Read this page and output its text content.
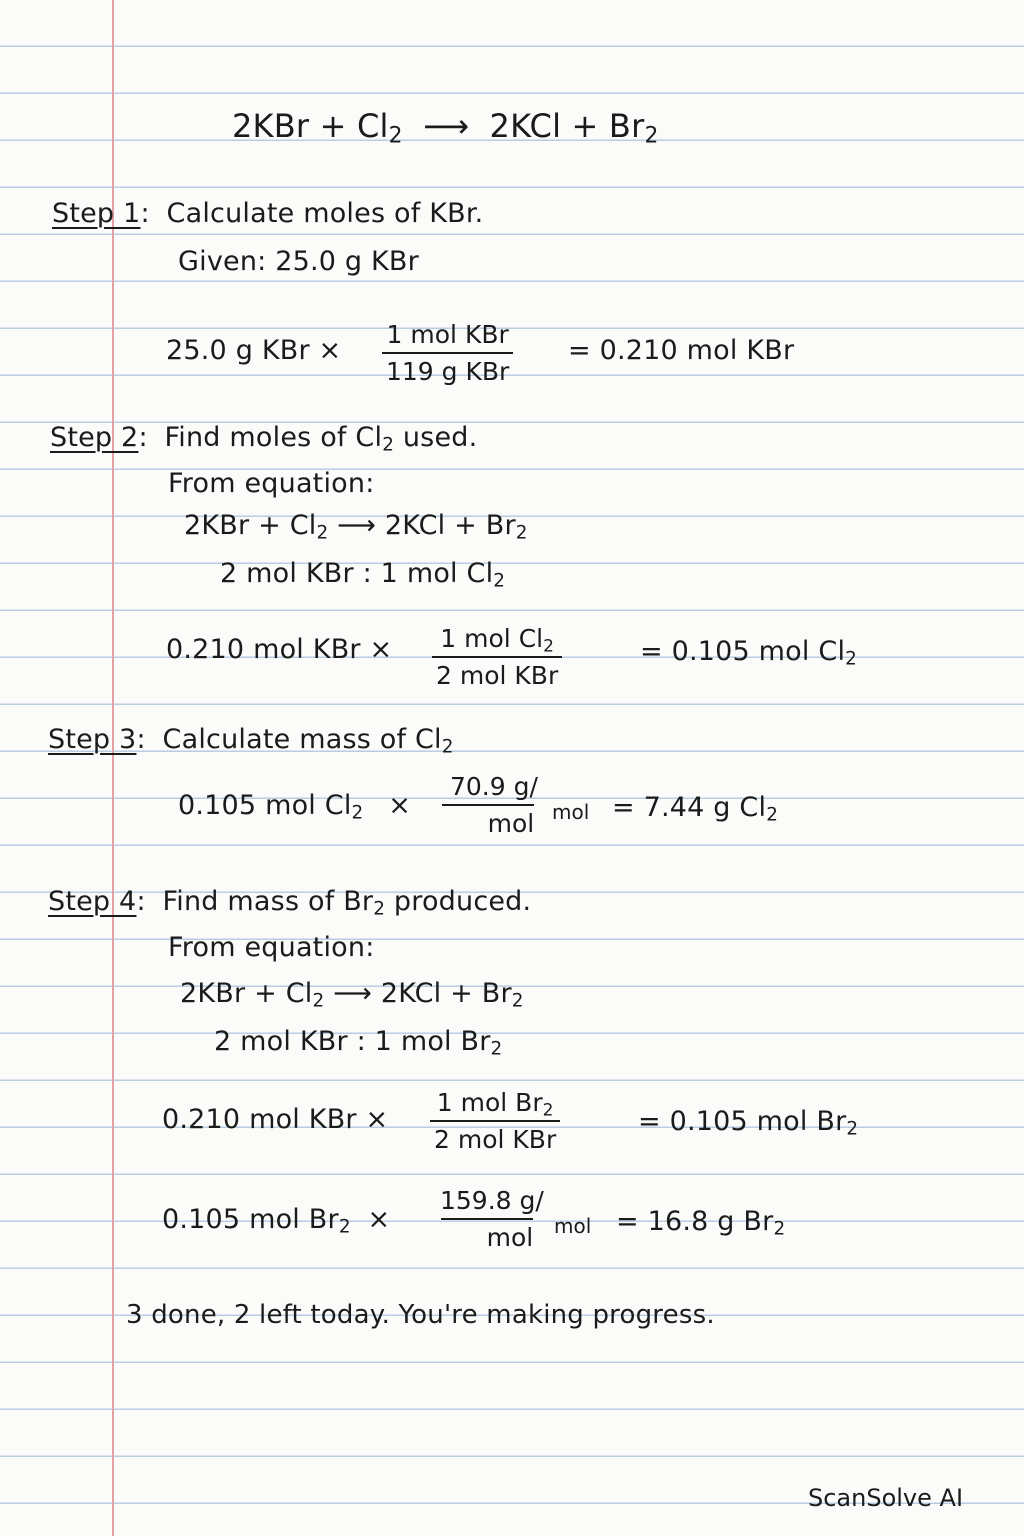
$2KBr + Cl_2$ ⟶ $2KCl + Br_2$
Step 1: Calculate moles of KBr.
Given: 25.0 g KBr
25.0 g KBr ×
1 mol KBr
119 g KBr
= 0.210 mol KBr
Step 2: Find moles of $Cl_2$ used.
From equation:
$2KBr + Cl_2$ ⟶ $2KCl + Br_2$
2 mol KBr : 1 mol $Cl_2$
0.210 mol KBr × 1 mol $Cl_2$
2 mol KBr
= 0.105 mol $Cl_2$
Step 3: Calculate mass of $Cl_2$
0.105 mol $Cl_2$ ×
70.9 g/
mol mol = 7.44 g $Cl_2$
Step 4: Find mass of $Br_2$ produced.
From equation:
$2KBr + Cl_2$ ⟶ $2KCl + Br_2$
2 mol KBr : 1 mol $Br_2$
0.210 mol KBr ×
1 mol $Br_2$
2 mol KBr
= 0.105 mol $Br_2$
0.105 mol $Br_2$ ×
159.8 g/
mol mol = 16.8 g $Br_2$
3 done, 2 left today. You're making progress.
ScanSolve AI
